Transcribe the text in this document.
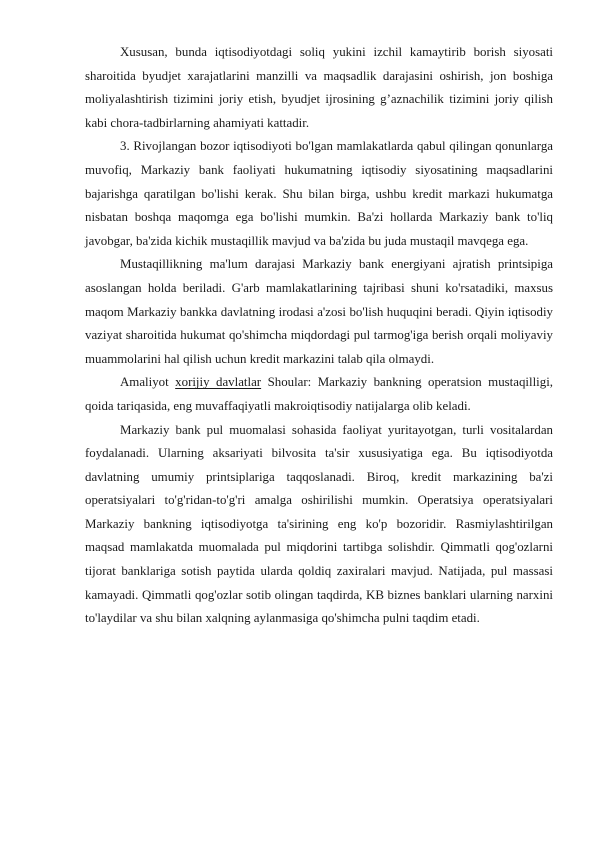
Xususan, bunda iqtisodiyotdagi soliq yukini izchil kamaytirib borish siyosati sharoitida byudjet xarajatlarini manzilli va maqsadlik darajasini oshirish, jon boshiga moliyalashtirish tizimini joriy etish, byudjet ijrosining g’aznachilik tizimini joriy qilish kabi chora-tadbirlarning ahamiyati kattadir.

3. Rivojlangan bozor iqtisodiyoti bo'lgan mamlakatlarda qabul qilingan qonunlarga muvofiq, Markaziy bank faoliyati hukumatning iqtisodiy siyosatining maqsadlarini bajarishga qaratilgan bo'lishi kerak. Shu bilan birga, ushbu kredit markazi hukumatga nisbatan boshqa maqomga ega bo'lishi mumkin. Ba'zi hollarda Markaziy bank to'liq javobgar, ba'zida kichik mustaqillik mavjud va ba'zida bu juda mustaqil mavqega ega.

Mustaqillikning ma'lum darajasi Markaziy bank energiyani ajratish printsipiga asoslangan holda beriladi. G'arb mamlakatlarining tajribasi shuni ko'rsatadiki, maxsus maqom Markaziy bankka davlatning irodasi a'zosi bo'lish huquqini beradi. Qiyin iqtisodiy vaziyat sharoitida hukumat qo'shimcha miqdordagi pul tarmog'iga berish orqali moliyaviy muammolarini hal qilish uchun kredit markazini talab qila olmaydi.

Amaliyot xorijiy davlatlar Shoular: Markaziy bankning operatsion mustaqilligi, qoida tariqasida, eng muvaffaqiyatli makroiqtisodiy natijalarga olib keladi.

Markaziy bank pul muomalasi sohasida faoliyat yuritayotgan, turli vositalardan foydalanadi. Ularning aksariyati bilvosita ta'sir xususiyatiga ega. Bu iqtisodiyotda davlatning umumiy printsiplariga taqqoslanadi. Biroq, kredit markazining ba'zi operatsiyalari to'g'ridan-to'g'ri amalga oshirilishi mumkin. Operatsiya operatsiyalari Markaziy bankning iqtisodiyotga ta'sirining eng ko'p bozoridir. Rasmiylashtirilgan maqsad mamlakatda muomalada pul miqdorini tartibga solishdir. Qimmatli qog'ozlarni tijorat banklariga sotish paytida ularda qoldiq zaxiralari mavjud. Natijada, pul massasi kamayadi. Qimmatli qog'ozlar sotib olingan taqdirda, KB biznes banklari ularning narxini to'laydilar va shu bilan xalqning aylanmasiga qo'shimcha pulni taqdim etadi.
